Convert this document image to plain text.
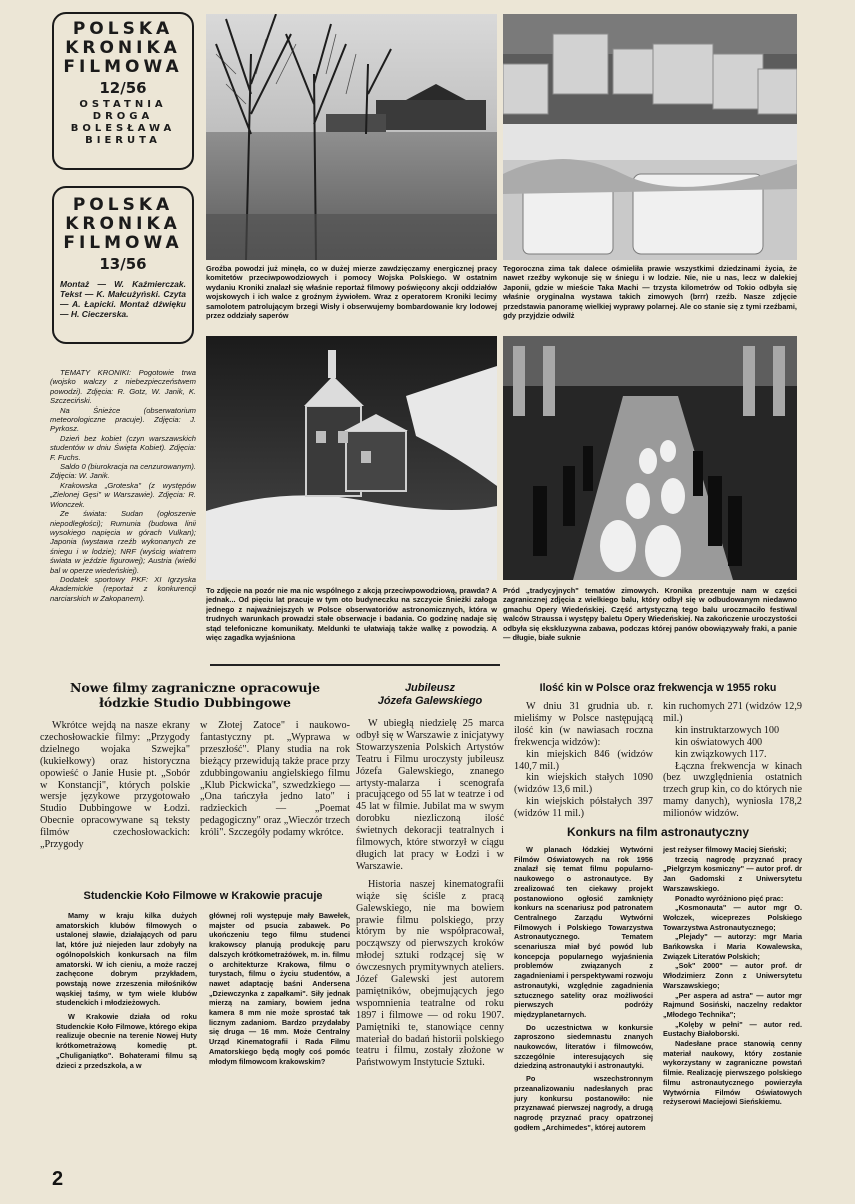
POLSKA
KRONIKA
FILMOWA
12/56
OSTATNIA
DROGA
BOLESŁAWA
BIERUTA
POLSKA
KRONIKA
FILMOWA
13/56
Montaż — W. Kaźmierczak. Tekst — K. Małcużyński. Czyta — A. Łapicki. Montaż dźwięku — H. Cieczerska.

TEMATY KRONIKI: Pogotowie trwa (wojsko walczy z niebezpieczeństwem powodzi). Zdjęcia: R. Gotz, W. Janik, K. Szczeciński.

Na Śnieżce (obserwatorium meteorologiczne pracuje). Zdjęcia: J. Pyrkosz.

Dzień bez kobiet (czyn warszawskich studentów w dniu Święta Kobiet). Zdjęcia: F. Fuchs.

Saldo 0 (biurokracja na cenzurowanym). Zdjęcia: W. Janik.

Krakowska „Groteska" (z występów „Zielonej Gęsi" w Warszawie). Zdjęcia: R. Wionczek.

Ze świata: Sudan (ogłoszenie niepodległości); Rumunia (budowa linii wysokiego napięcia w górach Vulkan); Japonia (wystawa rzeźb wykonanych ze śniegu i w lodzie); NRF (wyścig wiatrem świata w jeździe figurowej); Austria (wielki bal w operze wiedeńskiej).

Dodatek sportowy PKF: XI Igrzyska Akademickie (reportaż z konkurencji narciarskich w Zakopanem).

Groźba powodzi już minęła, co w dużej mierze zawdzięczamy energicznej pracy komitetów przeciwpowodziowych i pomocy Wojska Polskiego. W ostatnim wydaniu Kroniki znalazł się właśnie reportaż filmowy poświęcony akcji oddziałów wojskowych i ich walce z groźnym żywiołem. Wraz z operatorem Kroniki lecimy samolotem patrolującym brzegi Wisły i obserwujemy bombardowanie kry lodowej przez oddziały saperów
Tegoroczna zima tak dalece ośmieliła prawie wszystkimi dziedzinami życia, że nawet rzeźby wykonuje się w śniegu i w lodzie. Nie, nie u nas, lecz w dalekiej Japonii, gdzie w mieście Taka Machi — trzysta kilometrów od Tokio odbyła się właśnie oryginalna wystawa takich zimowych (brrr) rzeźb. Nasze zdjęcie przedstawia panoramę wielkiej wyprawy polarnej. Ale co stanie się z tymi rzeźbami, gdy przyjdzie odwilż
To zdjęcie na pozór nie ma nic wspólnego z akcją przeciwpowodziową, prawda? A jednak... Od pięciu lat pracuje w tym oto budyneczku na szczycie Śnieżki załoga jednego z najważniejszych w Polsce obserwatoriów astronomicznych, która w trudnych warunkach prowadzi stałe obserwacje i badania. Co godzinę nadaje się stąd telefoniczne komunikaty. Meldunki te ułatwiają także walkę z powodzią. A więc zagadka wyjaśniona
Pród „tradycyjnych" tematów zimowych. Kronika prezentuje nam w części zagranicznej zdjęcia z wielkiego balu, który odbył się w odbudowanym niedawno gmachu Opery Wiedeńskiej. Część artystyczną tego balu uroczmaciło festiwal walców Straussa i występy baletu Opery Wiedeńskiej. Na zakończenie uroczystości odbyła się ekskluzywna zabawa, podczas której panów obowiązywały fraki, a panie — długie, białe suknie
Nowe filmy zagraniczne opracowuje
łódzkie Studio Dubbingowe

Wkrótce wejdą na nasze ekrany czechosłowackie filmy: „Przygody dzielnego wojaka Szwejka" (kukiełkowy) oraz historyczna opowieść o Janie Husie pt. „Sobór w Konstancji", których polskie wersje językowe przygotowało Studio Dubbingowe w Łodzi. Obecnie opracowywane są teksty filmów czechosłowackich: „Przygody

w Złotej Zatoce" i naukowo-fantastyczny pt. „Wyprawa w przeszłość". Plany studia na rok bieżący przewidują także prace przy zdubbingowaniu angielskiego filmu „Klub Pickwicka", szwedzkiego — „Ona tańczyła jedno lato" i radzieckich — „Poemat pedagogiczny" oraz „Wieczór trzech króli". Szczegóły podamy wkrótce.

Studenckie Koło Filmowe w Krakowie pracuje

Mamy w kraju kilka dużych amatorskich klubów filmowych o ustalonej sławie, działających od paru lat, które już niejeden laur zdobyły na ogólnopolskich konkursach na film amatorski. W ich cieniu, a może raczej zachęcone dobrym przykładem, powstają nowe zrzeszenia miłośników wąskiej taśmy, w tym wiele klubów studenckich i młodzieżowych.

W Krakowie działa od roku Studenckie Koło Filmowe, którego ekipa realizuje obecnie na terenie Nowej Huty krótkometrażową komedię pt. „Chuliganiątko". Bohaterami filmu są dzieci z przedszkola, a w

głównej roli występuje mały Bawełek, majster od psucia zabawek. Po ukończeniu tego filmu studenci krakowscy planują produkcję paru dalszych krótkometrażówek, m. in. filmu o architekturze Krakowa, filmu o turystach, filmu o życiu studentów, a nawet adaptację baśni Andersena „Dziewczynka z zapałkami". Siły jednak mierzą na zamiary, bowiem jedna kamera 8 mm nie może sprostać tak licznym zadaniom. Bardzo przydałaby się druga — 16 mm. Może Centralny Urząd Kinematografii i Rada Filmu Amatorskiego będą mogły coś pomóc młodym filmowcom krakowskim?

Jubileusz
Józefa Galewskiego

W ubiegłą niedzielę 25 marca odbył się w Warszawie z inicjatywy Stowarzyszenia Polskich Artystów Teatru i Filmu uroczysty jubileusz Józefa Galewskiego, znanego artysty-malarza i scenografa pracującego od 55 lat w teatrze i od 45 lat w filmie. Jubilat ma w swym dorobku niezliczoną ilość świetnych dekoracji teatralnych i filmowych, które stworzył w ciągu długich lat pracy w Łodzi i w Warszawie.

Historia naszej kinematografii wiąże się ściśle z pracą Galewskiego, nie ma bowiem prawie filmu polskiego, przy którym by nie współpracował, począwszy od pierwszych kroków młodej sztuki rodzącej się w ówczesnych prymitywnych ateliers. Józef Galewski jest autorem pamiętników, obejmujących jego wspomnienia teatralne od roku 1897 i filmowe — od roku 1907. Pamiętniki te, stanowiące cenny materiał do badań historii polskiego teatru i filmu, zostały złożone w Państwowym Instytucie Sztuki.

Ilość kin w Polsce oraz frekwencja w 1955 roku

W dniu 31 grudnia ub. r. mieliśmy w Polsce następującą ilość kin (w nawiasach roczna frekwencja widzów):

kin miejskich 846 (widzów 140,7 mil.)

kin wiejskich stałych 1090 (widzów 13,6 mil.)

kin wiejskich półstałych 397 (widzów 11 mil.)

kin ruchomych 271 (widzów 12,9 mil.)

kin instruktarzowych 100

kin oświatowych 400

kin związkowych 117.

Łączna frekwencja w kinach (bez uwzględnienia ostatnich trzech grup kin, co do których nie mamy danych), wyniosła 178,2 milionów widzów.

Konkurs na film astronautyczny

W planach łódzkiej Wytwórni Filmów Oświatowych na rok 1956 znalazł się temat filmu popularno-naukowego o astronautyce. By zrealizować ten ciekawy projekt postanowiono ogłosić zamknięty konkurs na scenariusz pod patronatem Centralnego Zarządu Wytwórni Filmowych i Polskiego Towarzystwa Astronautycznego. Tematem scenariusza miał być powód lub koncepcja popularnego wyjaśnienia problemów związanych z zagadnieniami i perspektywami rozwoju astronautyki, względnie zagadnienia sztucznego satelity oraz możliwości pierwszych podróży międzyplanetarnych.

Do uczestnictwa w konkursie zaproszono siedemnastu znanych naukowców, literatów i filmowców, szczególnie interesujących się dziedziną astronautyki i astronautyki.

Po wszechstronnym przeanalizowaniu nadesłanych prac jury konkursu postanowiło: nie przyznawać pierwszej nagrody, a drugą nagrodę przyznać pracy opatrzonej godłem „Archimedes", której autorem

jest reżyser filmowy Maciej Sieński;

trzecią nagrodę przyznać pracy „Pielgrzym kosmiczny" — autor prof. dr Jan Gadomski z Uniwersytetu Warszawskiego.

Ponadto wyróżniono pięć prac:

„Kosmonauta" — autor mgr O. Wołczek, wiceprezes Polskiego Towarzystwa Astronautycznego;

„Plejady" — autorzy: mgr Maria Bańkowska i Maria Kowalewska, Związek Literatów Polskich;

„Sok" 2000" — autor prof. dr Włodzimierz Zonn z Uniwersytetu Warszawskiego;

„Per aspera ad astra" — autor mgr Rajmund Sosiński, naczelny redaktor „Młodego Technika";

„Kolęby w pełni" — autor red. Eustachy Białoborski.

Nadesłane prace stanowią cenny materiał naukowy, który zostanie wykorzystany w zagraniczne powstań filmie. Realizację pierwszego polskiego filmu astronautycznego powierzyła Wytwórnia Filmów Oświatowych reżyserowi Maciejowi Sieńskiemu.

2
